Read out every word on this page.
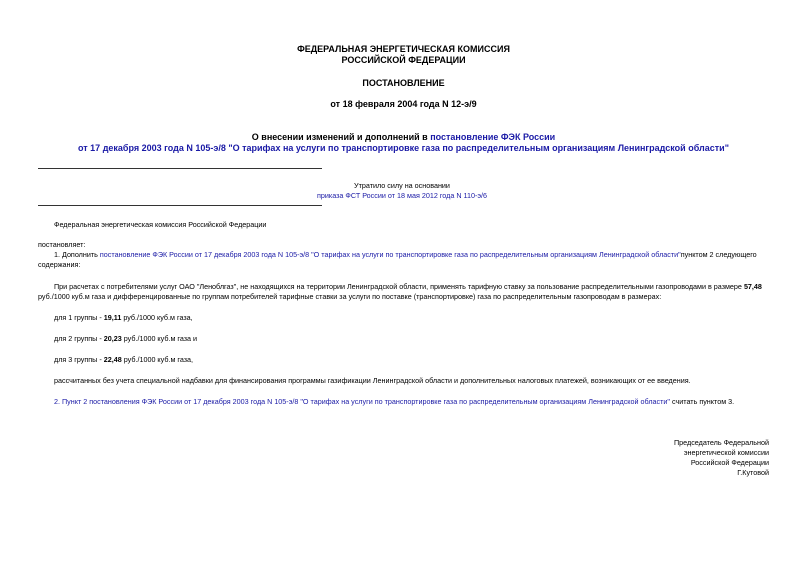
ФЕДЕРАЛЬНАЯ ЭНЕРГЕТИЧЕСКАЯ КОМИССИЯ
РОССИЙСКОЙ ФЕДЕРАЦИИ
ПОСТАНОВЛЕНИЕ
от 18 февраля 2004 года N 12-э/9
О внесении изменений и дополнений в постановление ФЭК России
от 17 декабря 2003 года N 105-э/8 "О тарифах на услуги по транспортировке газа по распределительным организациям Ленинградской области"
Утратило силу на основании
приказа ФСТ России от 18 мая 2012 года N 110-э/6
Федеральная энергетическая комиссия Российской Федерации
постановляет:
1. Дополнить постановление ФЭК России от 17 декабря 2003 года N 105-э/8 "О тарифах на услуги по транспортировке газа по распределительным организациям Ленинградской области"пунктом 2 следующего
содержания:
При расчетах с потребителями услуг ОАО "Леноблгаз", не находящихся на территории Ленинградской области, применять тарифную ставку за пользование распределительными газопроводами в размере 57,48
руб./1000 куб.м газа и дифференцированные по группам потребителей тарифные ставки за услуги по поставке (транспортировке) газа по распределительным газопроводам в размерах:
для 1 группы - 19,11 руб./1000 куб.м газа,
для 2 группы - 20,23 руб./1000 куб.м газа и
для 3 группы - 22,48 руб./1000 куб.м газа,
рассчитанных без учета специальной надбавки для финансирования программы газификации Ленинградской области и дополнительных налоговых платежей, возникающих от ее введения.
2. Пункт 2 постановления ФЭК России от 17 декабря 2003 года N 105-э/8 "О тарифах на услуги по транспортировке газа по распределительным организациям Ленинградской области" считать пунктом 3.
Председатель Федеральной
энергетической комиссии
Российской Федерации
Г.Кутовой
